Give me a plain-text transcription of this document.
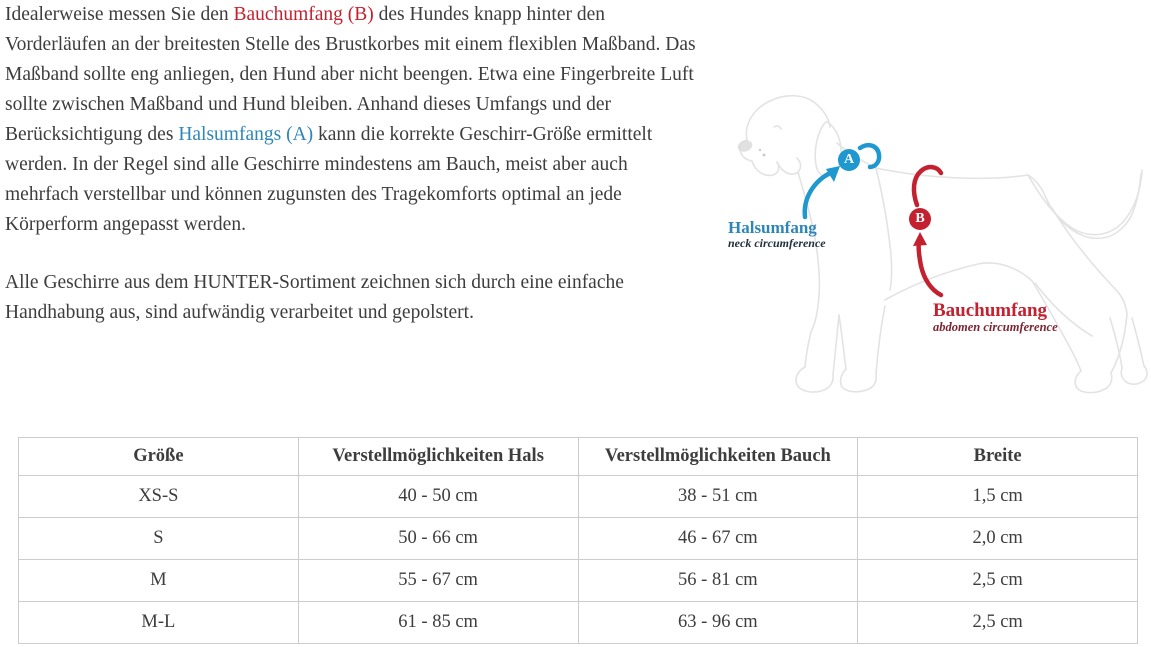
Idealerweise messen Sie den Bauchumfang (B) des Hundes knapp hinter den Vorderläufen an der breitesten Stelle des Brustkorbes mit einem flexiblen Maßband. Das Maßband sollte eng anliegen, den Hund aber nicht beengen. Etwa eine Fingerbreite Luft sollte zwischen Maßband und Hund bleiben. Anhand dieses Umfangs und der Berücksichtigung des Halsumfangs (A) kann die korrekte Geschirr-Größe ermittelt werden. In der Regel sind alle Geschirre mindestens am Bauch, meist aber auch mehrfach verstellbar und können zugunsten des Tragekomforts optimal an jede Körperform angepasst werden.

Alle Geschirre aus dem HUNTER-Sortiment zeichnen sich durch eine einfache Handhabung aus, sind aufwändig verarbeitet und gepolstert.

A
B
Halsumfang
neck circumference
Bauchumfang
abdomen circumference
Größe	Verstellmöglichkeiten Hals	Verstellmöglichkeiten Bauch	Breite
XS-S	40 - 50 cm	38 - 51 cm	1,5 cm
S	50 - 66 cm	46 - 67 cm	2,0 cm
M	55 - 67 cm	56 - 81 cm	2,5 cm
M-L	61 - 85 cm	63 - 96 cm	2,5 cm
